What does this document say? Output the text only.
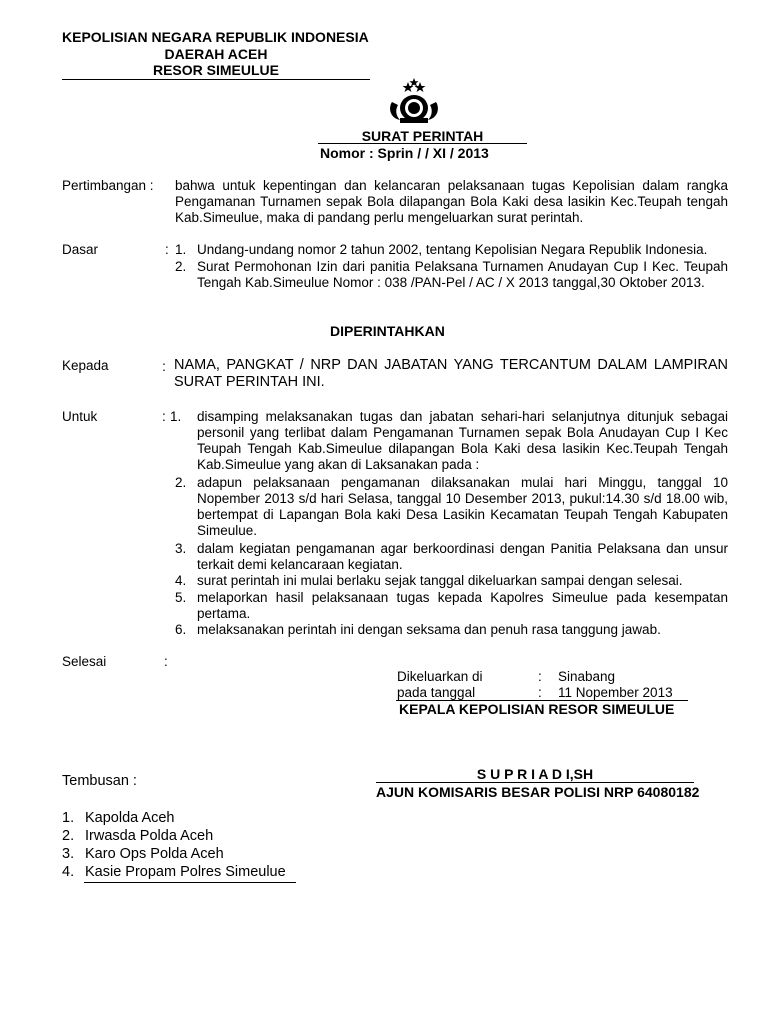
KEPOLISIAN NEGARA REPUBLIK INDONESIA
DAERAH ACEH
RESOR SIMEULUE
SURAT PERINTAH
Nomor : Sprin / / XI / 2013
Pertimbangan : bahwa untuk kepentingan dan kelancaran pelaksanaan tugas Kepolisian dalam rangka Pengamanan Turnamen sepak Bola dilapangan Bola Kaki desa lasikin Kec.Teupah tengah Kab.Simeulue, maka di pandang perlu mengeluarkan surat perintah.
Dasar	: 1. Undang-undang nomor 2 tahun 2002, tentang Kepolisian Negara Republik Indonesia.
2. Surat Permohonan Izin dari panitia Pelaksana Turnamen Anudayan Cup I Kec. Teupah Tengah Kab.Simeulue Nomor : 038 /PAN-Pel / AC / X 2013 tanggal,30 Oktober 2013.
DIPERINTAHKAN
Kepada	: NAMA, PANGKAT / NRP DAN JABATAN YANG TERCANTUM DALAM LAMPIRAN SURAT PERINTAH INI.
Untuk	: 1. disamping melaksanakan tugas dan jabatan sehari-hari selanjutnya ditunjuk sebagai personil yang terlibat dalam Pengamanan Turnamen sepak Bola Anudayan Cup I Kec Teupah Tengah Kab.Simeulue dilapangan Bola Kaki desa lasikin Kec.Teupah Tengah Kab.Simeulue yang akan di Laksanakan pada :
2. adapun pelaksanaan pengamanan dilaksanakan mulai hari Minggu, tanggal 10 Nopember 2013 s/d hari Selasa, tanggal 10 Desember 2013, pukul:14.30 s/d 18.00 wib, bertempat di Lapangan Bola kaki Desa Lasikin Kecamatan Teupah Tengah Kabupaten Simeulue.
3. dalam kegiatan pengamanan agar berkoordinasi dengan Panitia Pelaksana dan unsur terkait demi kelancaraan kegiatan.
4. surat perintah ini mulai berlaku sejak tanggal dikeluarkan sampai dengan selesai.
5. melaporkan hasil pelaksanaan tugas kepada Kapolres Simeulue pada kesempatan pertama.
6. melaksanakan perintah ini dengan seksama dan penuh rasa tanggung jawab.
Selesai	:
Dikeluarkan di	: Sinabang
pada tanggal	: 11 Nopember 2013
KEPALA KEPOLISIAN RESOR SIMEULUE
S U P R I A D I,SH
AJUN KOMISARIS BESAR POLISI NRP 64080182
Tembusan :
1. Kapolda Aceh
2. Irwasda Polda Aceh
3. Karo Ops Polda Aceh
4. Kasie Propam Polres Simeulue
